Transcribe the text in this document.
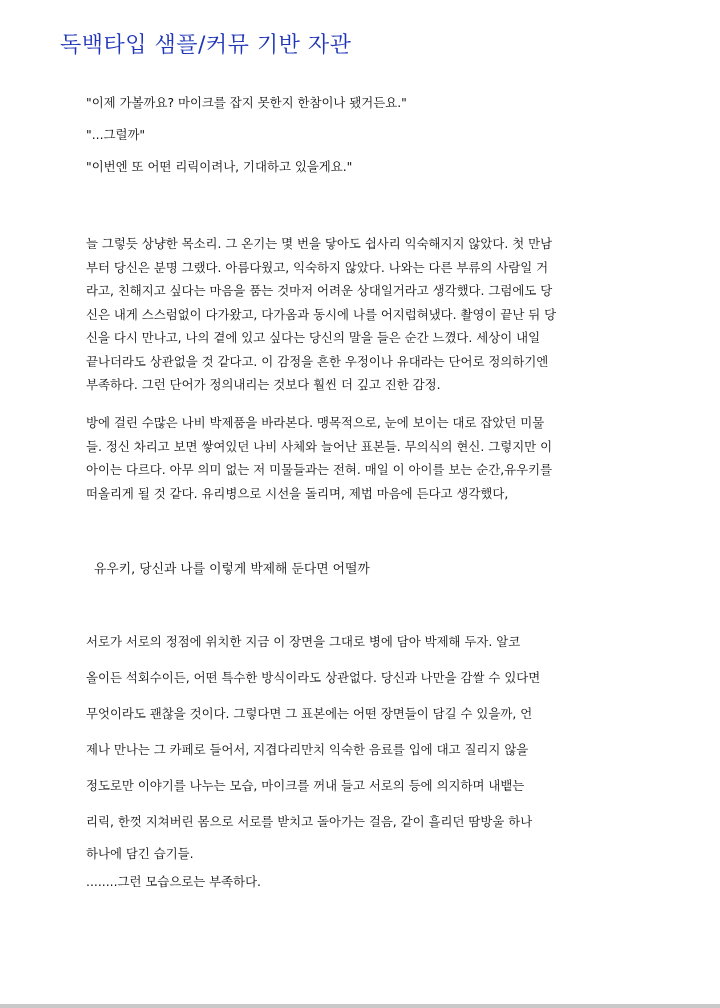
독백타입 샘플/커뮤 기반 자관
"이제 가볼까요? 마이크를 잡지 못한지 한참이나 됐거든요."
"...그럴까"
"이번엔 또 어떤 리릭이려나, 기대하고 있을게요."
늘 그렇듯 상냥한 목소리. 그 온기는 몇 번을 닿아도 쉽사리 익숙해지지 않았다. 첫 만남
부터 당신은 분명 그랬다. 아름다웠고, 익숙하지 않았다. 나와는 다른 부류의 사람일 거
라고, 친해지고 싶다는 마음을 품는 것마저 어려운 상대일거라고 생각했다. 그럼에도 당
신은 내게 스스럼없이 다가왔고, 다가옴과 동시에 나를 어지럽혀냈다. 촬영이 끝난 뒤 당
신을 다시 만나고, 나의 곁에 있고 싶다는 당신의 말을 들은 순간 느꼈다. 세상이 내일
끝나더라도 상관없을 것 같다고. 이 감정을 흔한 우정이나 유대라는 단어로 정의하기엔
부족하다. 그런 단어가 정의내리는 것보다 훨씬 더 깊고 진한 감정.
방에 걸린 수많은 나비 박제품을 바라본다. 맹목적으로, 눈에 보이는 대로 잡았던 미물
들. 정신 차리고 보면 쌓여있던 나비 사체와 늘어난 표본들. 무의식의 현신. 그렇지만 이
아이는 다르다. 아무 의미 없는 저 미물들과는 전혀. 매일 이 아이를 보는 순간,유우키를
떠올리게 될 것 같다. 유리병으로 시선을 돌리며, 제법 마음에 든다고 생각했다,
유우키, 당신과 나를 이렇게 박제해 둔다면 어떨까
서로가 서로의 정점에 위치한 지금 이 장면을 그대로 병에 담아 박제해 두자. 알코
올이든 석회수이든, 어떤 특수한 방식이라도 상관없다. 당신과 나만을 감쌀 수 있다면
무엇이라도 괜찮을 것이다. 그렇다면 그 표본에는 어떤 장면들이 담길 수 있을까, 언
제나 만나는 그 카페로 들어서, 지겹다리만치 익숙한 음료를 입에 대고 질리지 않을
정도로만 이야기를 나누는 모습, 마이크를 꺼내 들고 서로의 등에 의지하며 내뱉는
리릭, 한껏 지쳐버린 몸으로 서로를 받치고 돌아가는 걸음, 같이 흘리던 땀방울 하나
하나에 담긴 습기들.
........그런 모습으로는 부족하다.
